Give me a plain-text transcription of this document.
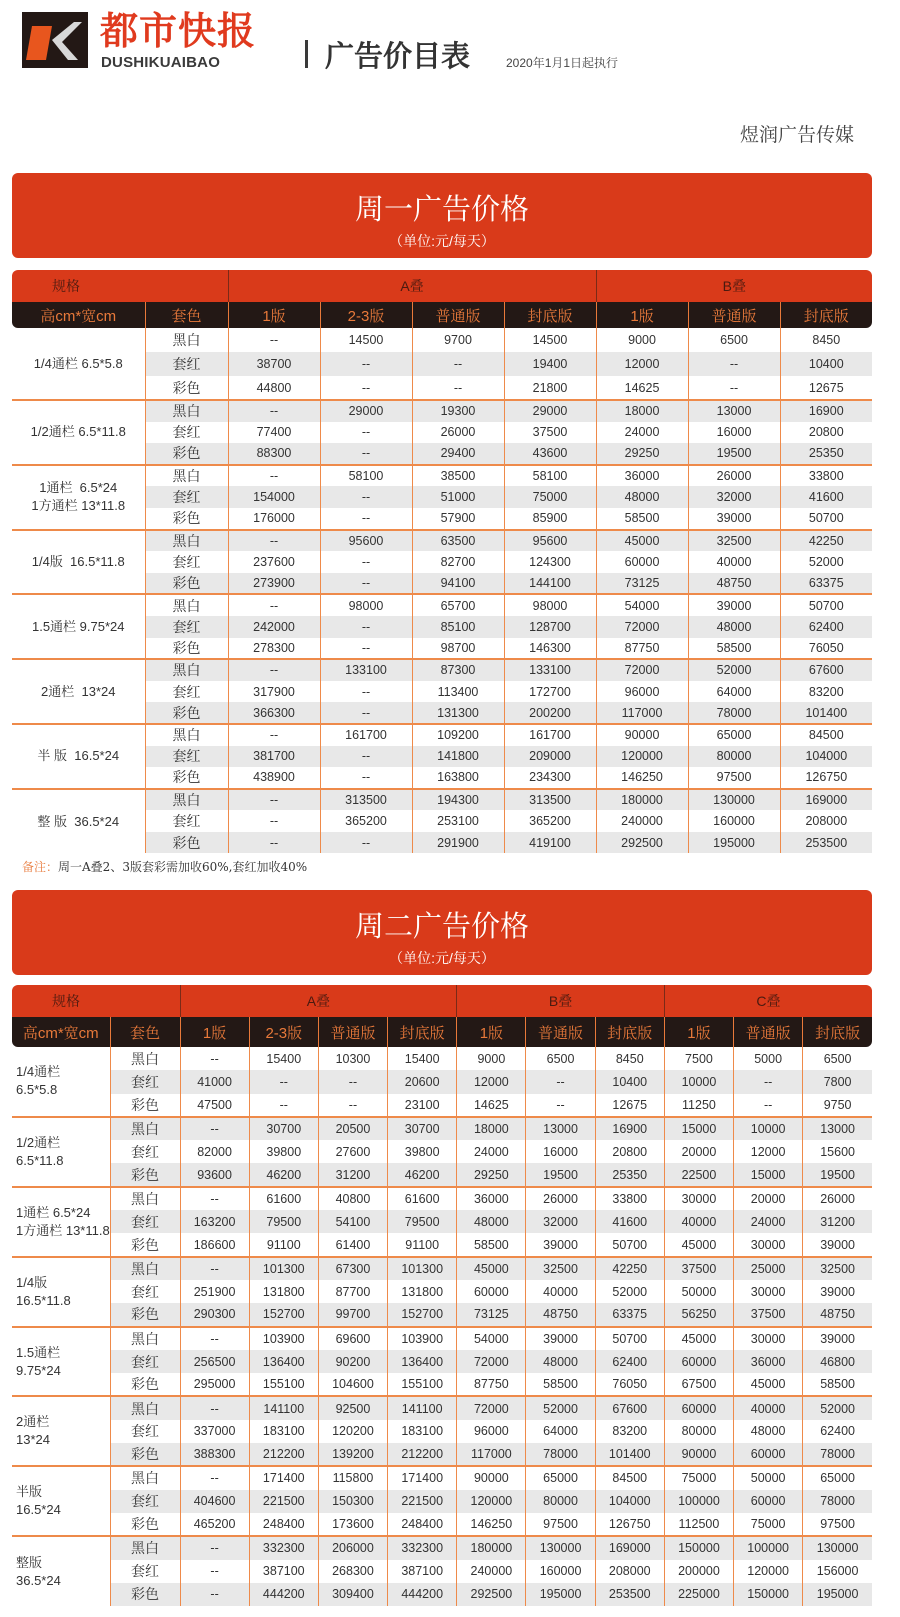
都市快报
DUSHIKUAIBAO	广告价目表	2020年1月1日起执行
周一广告价格
（单位:元/每天）
规格		A叠				B叠		
高cm*宽cm	套色	1版	2-3版	普通版	封底版	1版	普通版	封底版
1/4通栏 6.5*5.8	黑白	--	14500	9700	14500	9000	6500	8450
	套红	38700	--	--	19400	12000	--	10400
	彩色	44800	--	--	21800	14625	--	12675
1/2通栏 6.5*11.8	黑白	--	29000	19300	29000	18000	13000	16900
	套红	77400	--	26000	37500	24000	16000	20800
	彩色	88300	--	29400	43600	29250	19500	25350
1通栏  6.5*24
1方通栏 13*11.8	黑白	--	58100	38500	58100	36000	26000	33800
	套红	154000	--	51000	75000	48000	32000	41600
	彩色	176000	--	57900	85900	58500	39000	50700
1/4版  16.5*11.8	黑白	--	95600	63500	95600	45000	32500	42250
	套红	237600	--	82700	124300	60000	40000	52000
	彩色	273900	--	94100	144100	73125	48750	63375
1.5通栏 9.75*24	黑白	--	98000	65700	98000	54000	39000	50700
	套红	242000	--	85100	128700	72000	48000	62400
	彩色	278300	--	98700	146300	87750	58500	76050
2通栏  13*24	黑白	--	133100	87300	133100	72000	52000	67600
	套红	317900	--	113400	172700	96000	64000	83200
	彩色	366300	--	131300	200200	117000	78000	101400
半 版  16.5*24	黑白	--	161700	109200	161700	90000	65000	84500
	套红	381700	--	141800	209000	120000	80000	104000
	彩色	438900	--	163800	234300	146250	97500	126750
整 版  36.5*24	黑白	--	313500	194300	313500	180000	130000	169000
	套红	--	365200	253100	365200	240000	160000	208000
	彩色	--	--	291900	419100	292500	195000	253500
备注：周一A叠2、3版套彩需加收60%,套红加收40%
周二广告价格
（单位:元/每天）
规格		A叠				B叠			C叠		
高cm*宽cm	套色	1版	2-3版	普通版	封底版	1版	普通版	封底版	1版	普通版	封底版
1/4通栏
6.5*5.8	黑白	--	15400	10300	15400	9000	6500	8450	7500	5000	6500
	套红	41000	--	--	20600	12000	--	10400	10000	--	7800
	彩色	47500	--	--	23100	14625	--	12675	11250	--	9750
1/2通栏
6.5*11.8	黑白	--	30700	20500	30700	18000	13000	16900	15000	10000	13000
	套红	82000	39800	27600	39800	24000	16000	20800	20000	12000	15600
	彩色	93600	46200	31200	46200	29250	19500	25350	22500	15000	19500
1通栏 6.5*24
1方通栏 13*11.8	黑白	--	61600	40800	61600	36000	26000	33800	30000	20000	26000
	套红	163200	79500	54100	79500	48000	32000	41600	40000	24000	31200
	彩色	186600	91100	61400	91100	58500	39000	50700	45000	30000	39000
1/4版
16.5*11.8	黑白	--	101300	67300	101300	45000	32500	42250	37500	25000	32500
	套红	251900	131800	87700	131800	60000	40000	52000	50000	30000	39000
	彩色	290300	152700	99700	152700	73125	48750	63375	56250	37500	48750
1.5通栏
9.75*24	黑白	--	103900	69600	103900	54000	39000	50700	45000	30000	39000
	套红	256500	136400	90200	136400	72000	48000	62400	60000	36000	46800
	彩色	295000	155100	104600	155100	87750	58500	76050	67500	45000	58500
2通栏
13*24	黑白	--	141100	92500	141100	72000	52000	67600	60000	40000	52000
	套红	337000	183100	120200	183100	96000	64000	83200	80000	48000	62400
	彩色	388300	212200	139200	212200	117000	78000	101400	90000	60000	78000
半版
16.5*24	黑白	--	171400	115800	171400	90000	65000	84500	75000	50000	65000
	套红	404600	221500	150300	221500	120000	80000	104000	100000	60000	78000
	彩色	465200	248400	173600	248400	146250	97500	126750	112500	75000	97500
整版
36.5*24	黑白	--	332300	206000	332300	180000	130000	169000	150000	100000	130000
	套红	--	387100	268300	387100	240000	160000	208000	200000	120000	156000
	彩色	--	444200	309400	444200	292500	195000	253500	225000	150000	195000
煜润广告传媒
